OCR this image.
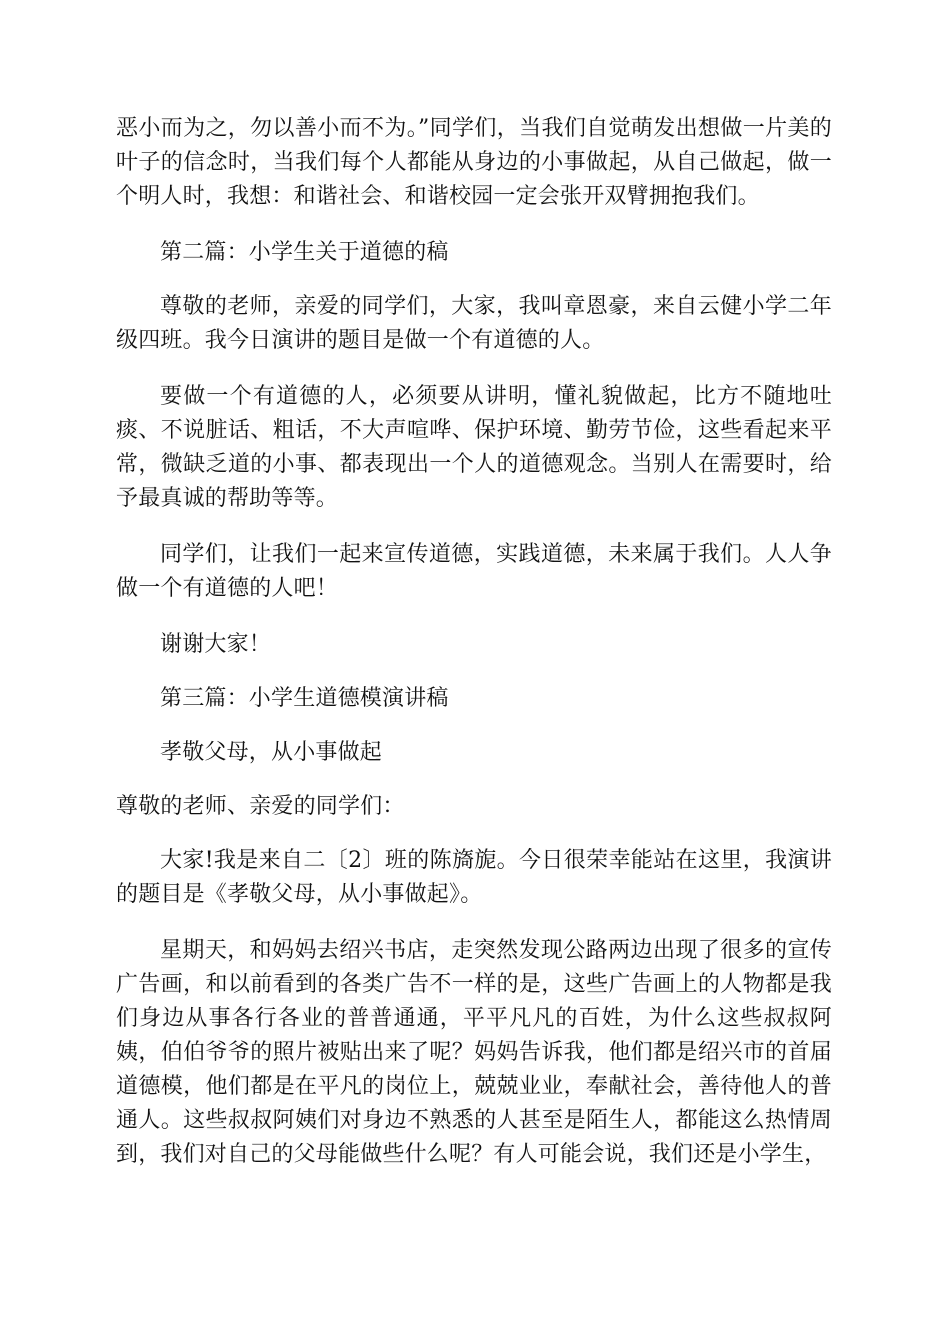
恶小而为之，勿以善小而不为。”同学们，当我们自觉萌发出想做一片美的叶子的信念时，当我们每个人都能从身边的小事做起，从自己做起，做一个明人时，我想：和谐社会、和谐校园一定会张开双臂拥抱我们。

第二篇：小学生关于道德的稿

尊敬的老师，亲爱的同学们，大家，我叫章恩豪，来自云健小学二年级四班。我今日演讲的题目是做一个有道德的人。

要做一个有道德的人，必须要从讲明，懂礼貌做起，比方不随地吐痰、不说脏话、粗话，不大声喧哗、保护环境、勤劳节俭，这些看起来平常，微缺乏道的小事、都表现出一个人的道德观念。当别人在需要时，给予最真诚的帮助等等。

同学们，让我们一起来宣传道德，实践道德，未来属于我们。人人争做一个有道德的人吧！

谢谢大家！

第三篇：小学生道德模演讲稿

孝敬父母，从小事做起

尊敬的老师、亲爱的同学们：

大家!我是来自二〔2〕班的陈旖旎。今日很荣幸能站在这里，我演讲的题目是《孝敬父母，从小事做起》。

星期天，和妈妈去绍兴书店，走突然发现公路两边出现了很多的宣传广告画，和以前看到的各类广告不一样的是，这些广告画上的人物都是我们身边从事各行各业的普普通通，平平凡凡的百姓，为什么这些叔叔阿姨，伯伯爷爷的照片被贴出来了呢？妈妈告诉我，他们都是绍兴市的首届道德模，他们都是在平凡的岗位上，兢兢业业，奉献社会，善待他人的普通人。这些叔叔阿姨们对身边不熟悉的人甚至是陌生人，都能这么热情周到，我们对自己的父母能做些什么呢？有人可能会说，我们还是小学生，
